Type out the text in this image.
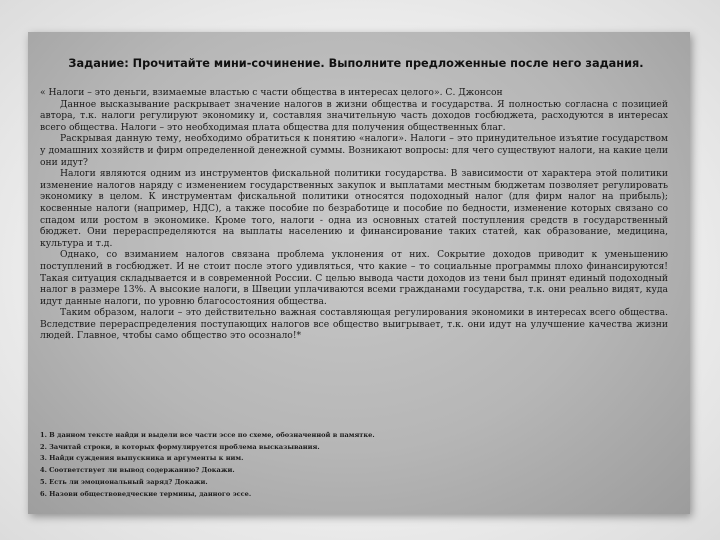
Задание: Прочитайте мини-сочинение. Выполните предложенные после него задания.

« Налоги – это деньги, взимаемые властью с части общества в интересах целого». С. Джонсон

Данное высказывание раскрывает значение налогов в жизни общества и государства. Я полностью согласна с позицией автора, т.к. налоги регулируют экономику и, составляя значительную часть доходов госбюджета, расходуются в интересах всего общества. Налоги – это необходимая плата общества для получения общественных благ.

Раскрывая данную тему, необходимо обратиться к понятию «налоги». Налоги – это принудительное изъятие государством у домашних хозяйств и фирм определенной денежной суммы. Возникают вопросы: для чего существуют налоги, на какие цели они идут?

Налоги являются одним из инструментов фискальной политики государства. В зависимости от характера этой политики изменение налогов наряду с изменением государственных закупок и выплатами местным бюджетам позволяет регулировать экономику в целом. К инструментам фискальной политики относятся подоходный налог (для фирм налог на прибыль); косвенные налоги (например, НДС), а также пособие по безработице и пособие по бедности, изменение которых связано со спадом или ростом в экономике. Кроме того, налоги - одна из основных статей поступления средств в государственный бюджет. Они перераспределяются на выплаты населению и финансирование таких статей, как образование, медицина, культура и т.д.

Однако, со взиманием налогов связана проблема уклонения от них. Сокрытие доходов приводит к уменьшению поступлений в госбюджет. И не стоит после этого удивляться, что какие – то социальные программы плохо финансируются! Такая ситуация складывается и в современной России. С целью вывода части доходов из тени был принят единый подоходный налог в размере 13%. А высокие налоги, в Швеции уплачиваются всеми гражданами государства, т.к. они реально видят, куда идут данные налоги, по уровню благосостояния общества.

Таким образом, налоги – это действительно важная составляющая регулирования экономики в интересах всего общества. Вследствие перераспределения поступающих налогов все общество выигрывает, т.к. они идут на улучшение качества жизни людей. Главное, чтобы само общество это осознало!*

1. В данном тексте найди и выдели все части эссе по схеме, обозначенной в памятке.
2. Зачитай строки, в которых формулируется проблема высказывания.
3. Найди суждения выпускника и аргументы к ним.
4. Соответствует ли вывод содержанию? Докажи.
5. Есть ли эмоциональный заряд? Докажи.
6. Назови обществоведческие термины, данного эссе.
